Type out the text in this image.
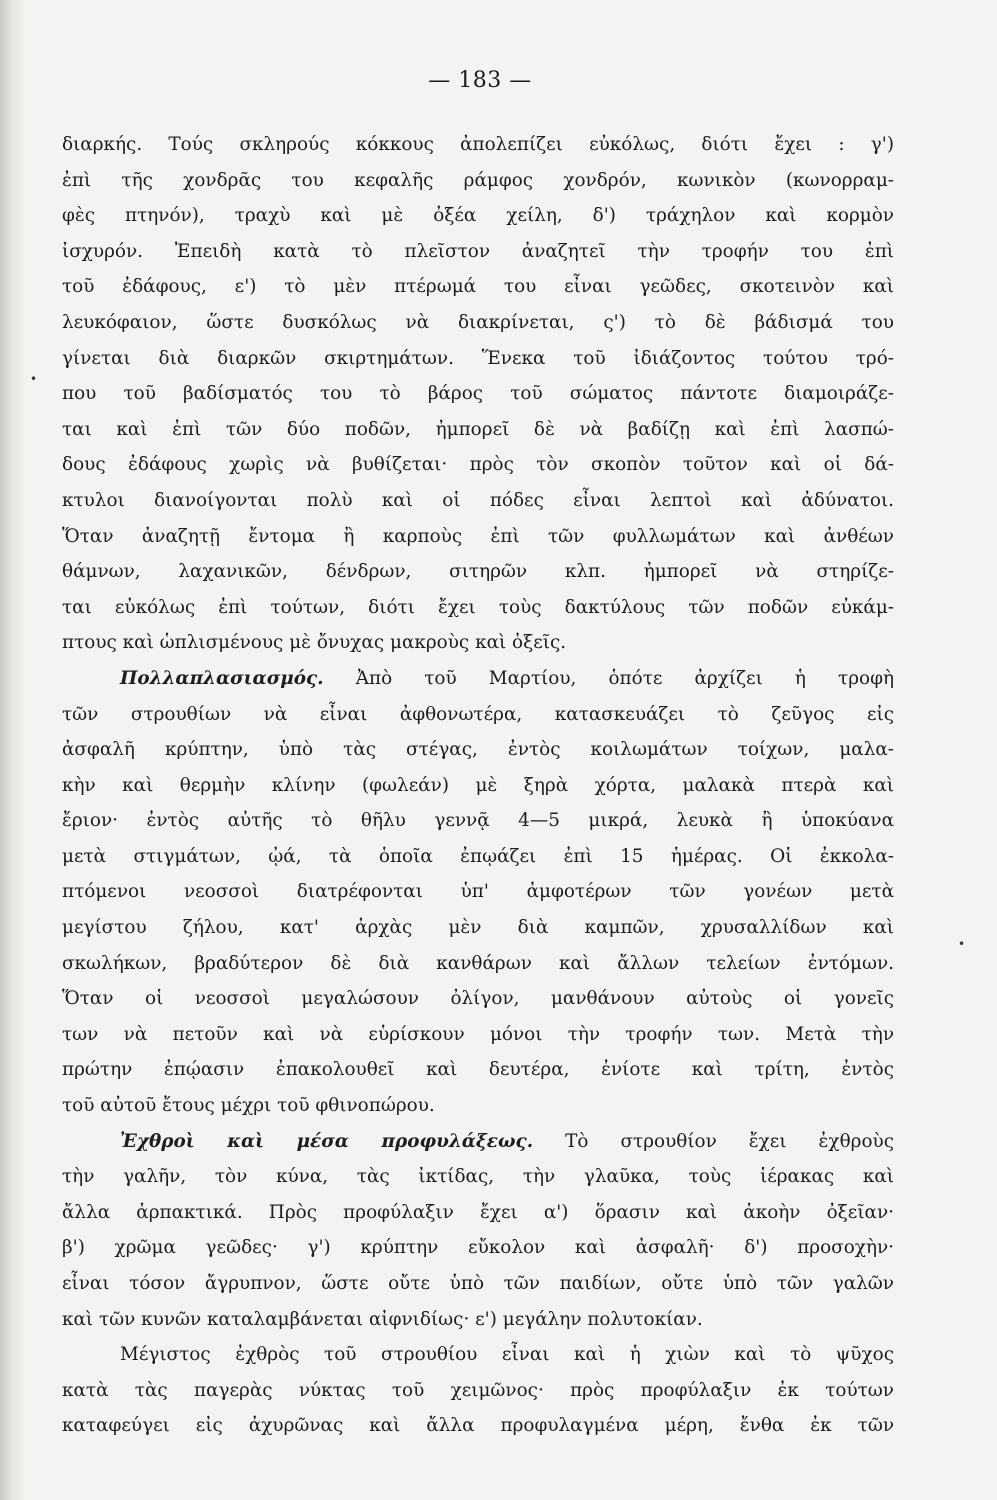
— 183 —
διαρκής. Τούς σκληρούς κόκκους ἀπολεπίζει εὐκόλως, διότι ἔχει : γ')
ἐπὶ τῆς χονδρᾶς του κεφαλῆς ράμφος χονδρόν, κωνικὸν (κωνορραμ-
φὲς πτηνόν), τραχὺ καὶ μὲ ὀξέα χείλη, δ') τράχηλον καὶ κορμὸν
ἰσχυρόν. Ἐπειδὴ κατὰ τὸ πλεῖστον ἀναζητεῖ τὴν τροφήν του ἐπὶ
τοῦ ἐδάφους, ε') τὸ μὲν πτέρωμά του εἶναι γεῶδες, σκοτεινὸν καὶ
λευκόφαιον, ὥστε δυσκόλως νὰ διακρίνεται, ς') τὸ δὲ βάδισμά του
γίνεται διὰ διαρκῶν σκιρτημάτων. Ἕνεκα τοῦ ἰδιάζοντος τούτου τρό-
που τοῦ βαδίσματός του τὸ βάρος τοῦ σώματος πάντοτε διαμοιράζε-
ται καὶ ἐπὶ τῶν δύο ποδῶν, ἠμπορεῖ δὲ νὰ βαδίζῃ καὶ ἐπὶ λασπώ-
δους ἐδάφους χωρὶς νὰ βυθίζεται· πρὸς τὸν σκοπὸν τοῦτον καὶ οἱ δά-
κτυλοι διανοίγονται πολὺ καὶ οἱ πόδες εἶναι λεπτοὶ καὶ ἀδύνατοι.
Ὅταν ἀναζητῇ ἔντομα ἢ καρποὺς ἐπὶ τῶν φυλλωμάτων καὶ ἀνθέων
θάμνων, λαχανικῶν, δένδρων, σιτηρῶν κλπ. ἠμπορεῖ νὰ στηρίζε-
ται εὐκόλως ἐπὶ τούτων, διότι ἔχει τοὺς δακτύλους τῶν ποδῶν εὐκάμ-
πτους καὶ ὡπλισμένους μὲ ὄνυχας μακροὺς καὶ ὀξεῖς.
Πολλαπλασιασμός. Ἀπὸ τοῦ Μαρτίου, ὁπότε ἀρχίζει ἡ τροφὴ
τῶν στρουθίων νὰ εἶναι ἀφθονωτέρα, κατασκευάζει τὸ ζεῦγος εἰς
ἀσφαλῆ κρύπτην, ὑπὸ τὰς στέγας, ἐντὸς κοιλωμάτων τοίχων, μαλα-
κὴν καὶ θερμὴν κλίνην (φωλεάν) μὲ ξηρὰ χόρτα, μαλακὰ πτερὰ καὶ
ἔριον· ἐντὸς αὐτῆς τὸ θῆλυ γεννᾷ 4—5 μικρά, λευκὰ ἢ ὑποκύανα
μετὰ στιγμάτων, ᾠά, τὰ ὁποῖα ἐπῳάζει ἐπὶ 15 ἡμέρας. Οἱ ἐκκολα-
πτόμενοι νεοσσοὶ διατρέφονται ὑπ' ἀμφοτέρων τῶν γονέων μετὰ
μεγίστου ζήλου, κατ' ἀρχὰς μὲν διὰ καμπῶν, χρυσαλλίδων καὶ
σκωλήκων, βραδύτερον δὲ διὰ κανθάρων καὶ ἄλλων τελείων ἐντόμων.
Ὅταν οἱ νεοσσοὶ μεγαλώσουν ὀλίγον, μανθάνουν αὐτοὺς οἱ γονεῖς
των νὰ πετοῦν καὶ νὰ εὑρίσκουν μόνοι τὴν τροφήν των. Μετὰ τὴν
πρώτην ἐπῴασιν ἐπακολουθεῖ καὶ δευτέρα, ἐνίοτε καὶ τρίτη, ἐντὸς
τοῦ αὐτοῦ ἔτους μέχρι τοῦ φθινοπώρου.
Ἐχθροὶ καὶ μέσα προφυλάξεως. Τὸ στρουθίον ἔχει ἐχθροὺς
τὴν γαλῆν, τὸν κύνα, τὰς ἰκτίδας, τὴν γλαῦκα, τοὺς ἱέρακας καὶ
ἄλλα ἁρπακτικά. Πρὸς προφύλαξιν ἔχει α') ὅρασιν καὶ ἀκοὴν ὀξεῖαν·
β') χρῶμα γεῶδες· γ') κρύπτην εὔκολον καὶ ἀσφαλῆ· δ') προσοχὴν·
εἶναι τόσον ἄγρυπνον, ὥστε οὔτε ὑπὸ τῶν παιδίων, οὔτε ὑπὸ τῶν γαλῶν
καὶ τῶν κυνῶν καταλαμβάνεται αἰφνιδίως· ε') μεγάλην πολυτοκίαν.
Μέγιστος ἐχθρὸς τοῦ στρουθίου εἶναι καὶ ἡ χιὼν καὶ τὸ ψῦχος
κατὰ τὰς παγερὰς νύκτας τοῦ χειμῶνος· πρὸς προφύλαξιν ἐκ τούτων
καταφεύγει εἰς ἀχυρῶνας καὶ ἄλλα προφυλαγμένα μέρη, ἔνθα ἐκ τῶν
•
•
